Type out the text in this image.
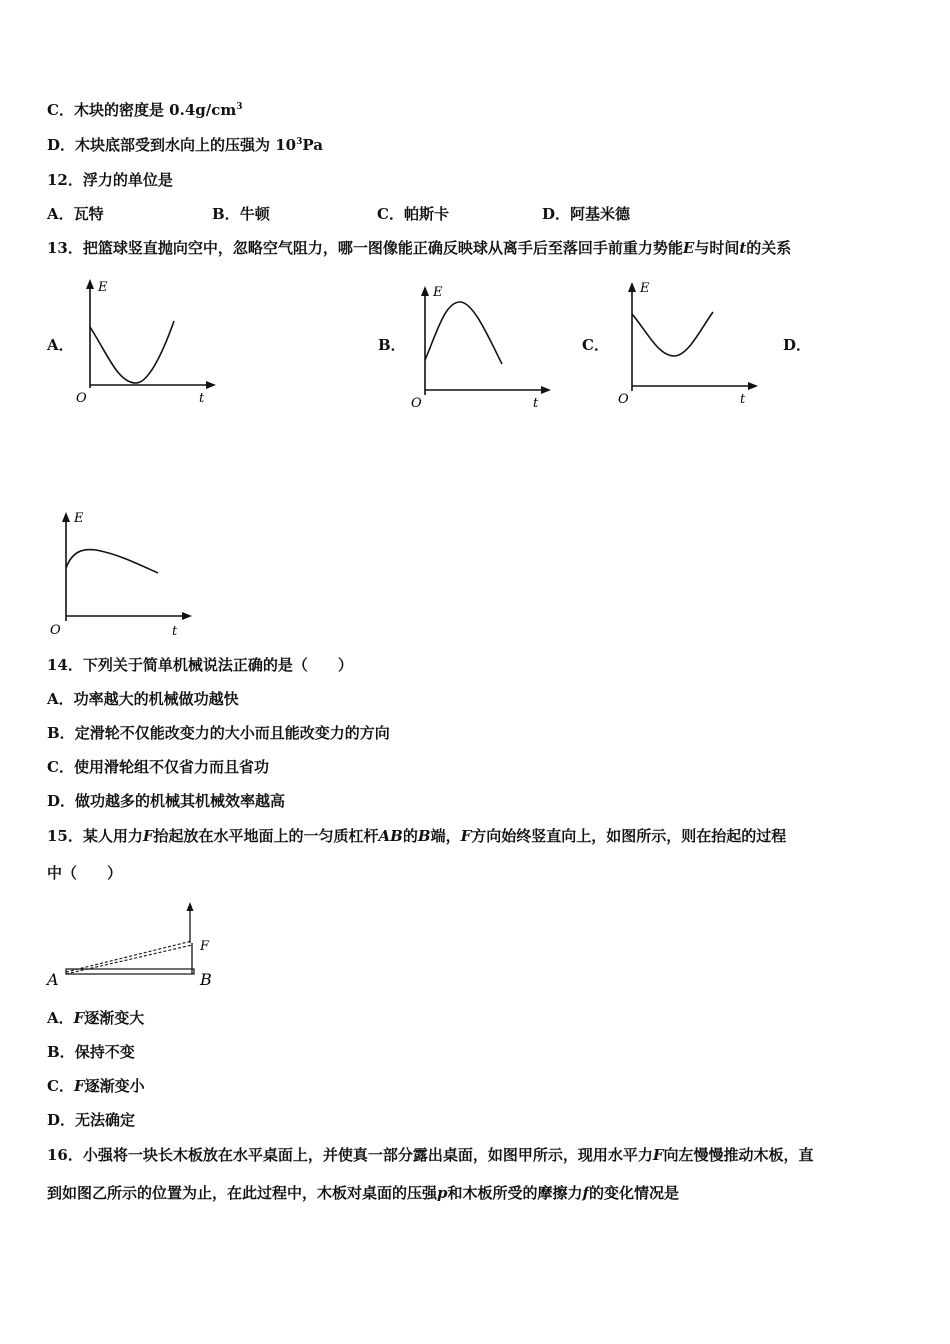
C．木块的密度是 $0.4g/cm^3$
D．木块底部受到水向上的压强为 $10^3Pa$
12．浮力的单位是
A．瓦特	B．牛顿	C．帕斯卡	D．阿基米德
13．把篮球竖直抛向空中，忽略空气阻力，哪一图像能正确反映球从离手后至落回手前重力势能E与时间t的关系
A．	B．	C．	D．
E
O	t
E
O	t
E
O	t
E
O	t
14．下列关于简单机械说法正确的是（　　）
A．功率越大的机械做功越快
B．定滑轮不仅能改变力的大小而且能改变力的方向
C．使用滑轮组不仅省力而且省功
D．做功越多的机械其机械效率越高
15．某人用力F抬起放在水平地面上的一匀质杠杆AB的B端，F方向始终竖直向上，如图所示，则在抬起的过程
中（　　）
F
A	B
A．F逐渐变大
B．保持不变
C．F逐渐变小
D．无法确定
16．小强将一块长木板放在水平桌面上，并使真一部分露出桌面，如图甲所示，现用水平力F向左慢慢推动木板，直
到如图乙所示的位置为止，在此过程中，木板对桌面的压强p和木板所受的摩擦力f的变化情况是
